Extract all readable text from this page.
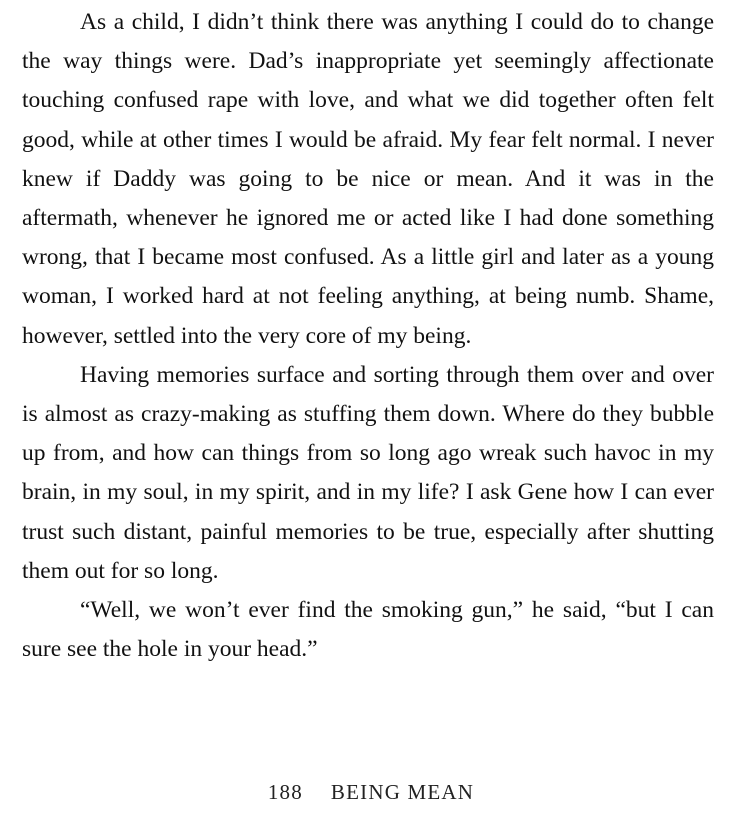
As a child, I didn’t think there was anything I could do to change the way things were. Dad’s inappropriate yet seemingly affectionate touching confused rape with love, and what we did together often felt good, while at other times I would be afraid. My fear felt normal. I never knew if Daddy was going to be nice or mean. And it was in the aftermath, whenever he ignored me or acted like I had done something wrong, that I became most confused. As a little girl and later as a young woman, I worked hard at not feeling anything, at being numb. Shame, however, settled into the very core of my being.

Having memories surface and sorting through them over and over is almost as crazy-making as stuffing them down. Where do they bubble up from, and how can things from so long ago wreak such havoc in my brain, in my soul, in my spirit, and in my life? I ask Gene how I can ever trust such distant, painful memories to be true, especially after shutting them out for so long.

“Well, we won’t ever find the smoking gun,” he said, “but I can sure see the hole in your head.”

188 BEING MEAN
